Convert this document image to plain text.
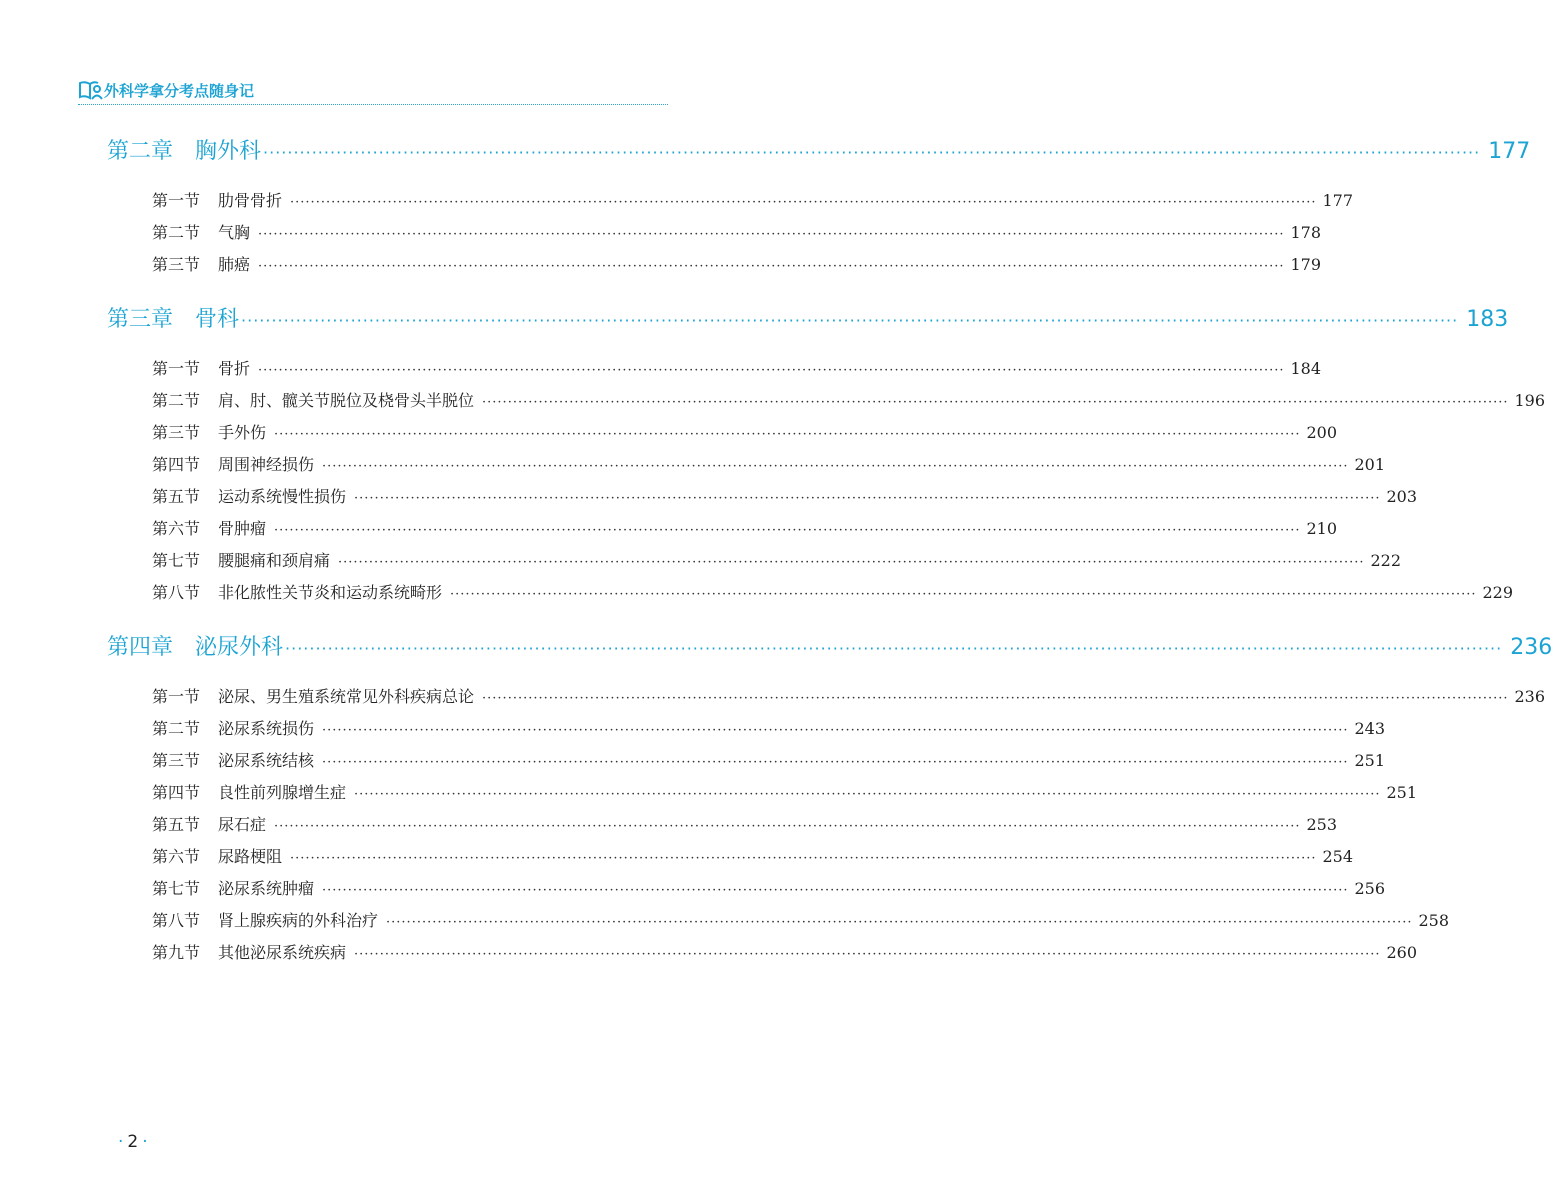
外科学拿分考点随身记
第二章 胸外科 ········································································································································································································ 177
第一节 肋骨骨折 ········································································································································································································ 177
第二节 气胸 ········································································································································································································ 178
第三节 肺癌 ········································································································································································································ 179
第三章 骨科 ········································································································································································································ 183
第一节 骨折 ········································································································································································································ 184
第二节 肩、肘、髋关节脱位及桡骨头半脱位 ········································································································································································································ 196
第三节 手外伤 ········································································································································································································ 200
第四节 周围神经损伤 ········································································································································································································ 201
第五节 运动系统慢性损伤 ········································································································································································································ 203
第六节 骨肿瘤 ········································································································································································································ 210
第七节 腰腿痛和颈肩痛 ········································································································································································································ 222
第八节 非化脓性关节炎和运动系统畸形 ········································································································································································································ 229
第四章 泌尿外科 ········································································································································································································ 236
第一节 泌尿、男生殖系统常见外科疾病总论 ········································································································································································································ 236
第二节 泌尿系统损伤 ········································································································································································································ 243
第三节 泌尿系统结核 ········································································································································································································ 251
第四节 良性前列腺增生症 ········································································································································································································ 251
第五节 尿石症 ········································································································································································································ 253
第六节 尿路梗阻 ········································································································································································································ 254
第七节 泌尿系统肿瘤 ········································································································································································································ 256
第八节 肾上腺疾病的外科治疗 ········································································································································································································ 258
第九节 其他泌尿系统疾病 ········································································································································································································ 260
· 2 ·
